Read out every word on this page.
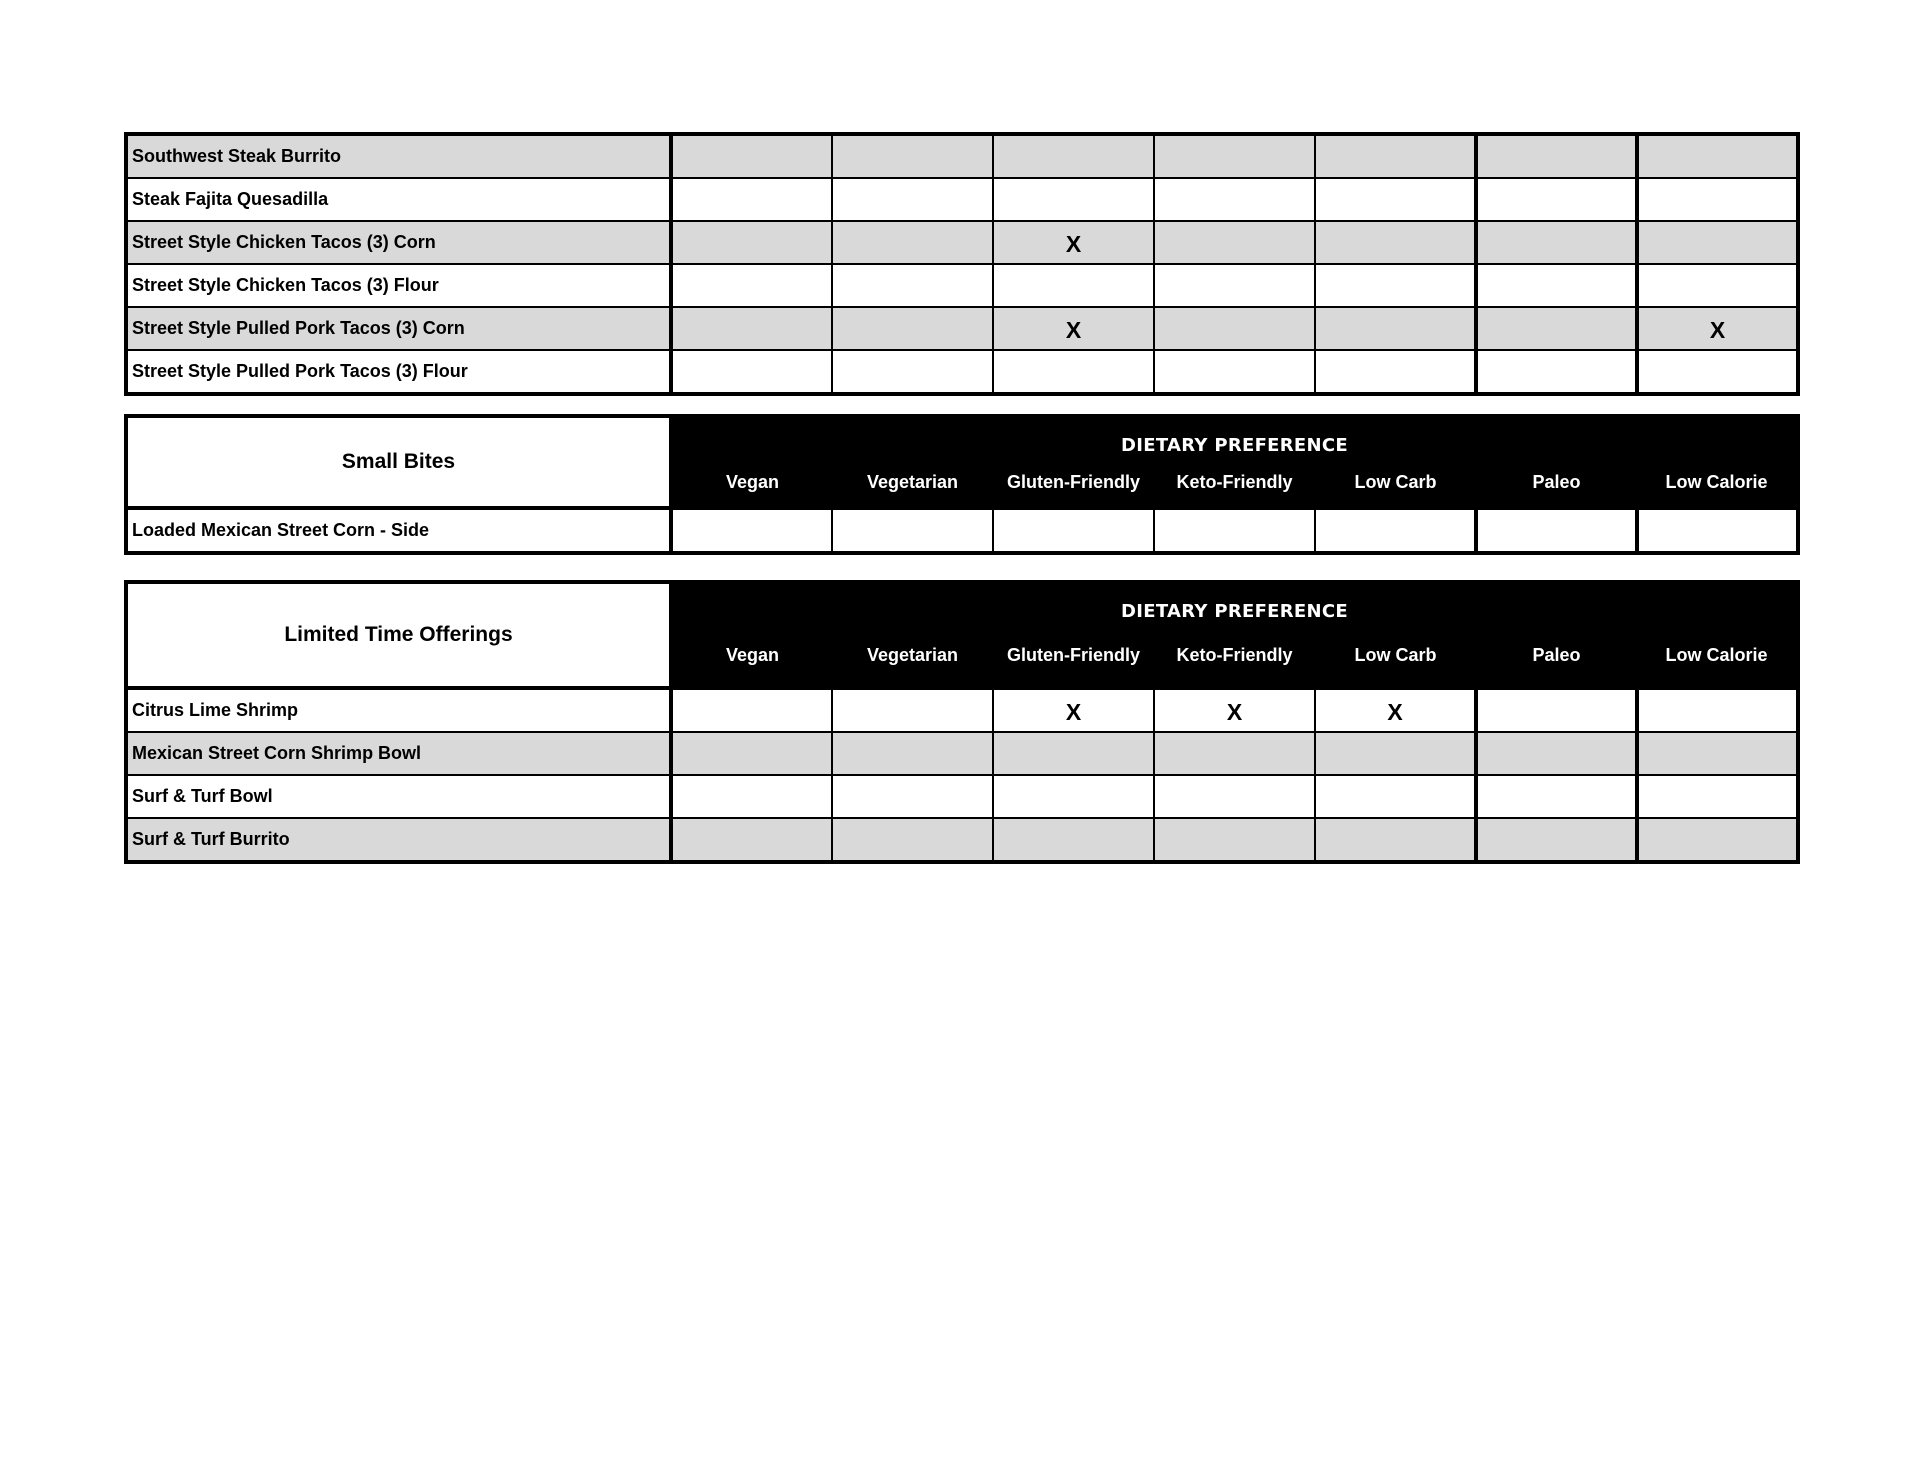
Southwest Steak Burrito							
Steak Fajita Quesadilla							
Street Style Chicken Tacos (3) Corn			X				
Street Style Chicken Tacos (3) Flour							
Street Style Pulled Pork Tacos (3) Corn			X				X
Street Style Pulled Pork Tacos (3) Flour							
Small Bites	DIETARY PREFERENCE						
	Vegan	Vegetarian	Gluten-Friendly	Keto-Friendly	Low Carb	Paleo	Low Calorie
Loaded Mexican Street Corn - Side							
Limited Time Offerings	DIETARY PREFERENCE						
	Vegan	Vegetarian	Gluten-Friendly	Keto-Friendly	Low Carb	Paleo	Low Calorie
Citrus Lime Shrimp			X	X	X		
Mexican Street Corn Shrimp Bowl							
Surf & Turf Bowl							
Surf & Turf Burrito							
